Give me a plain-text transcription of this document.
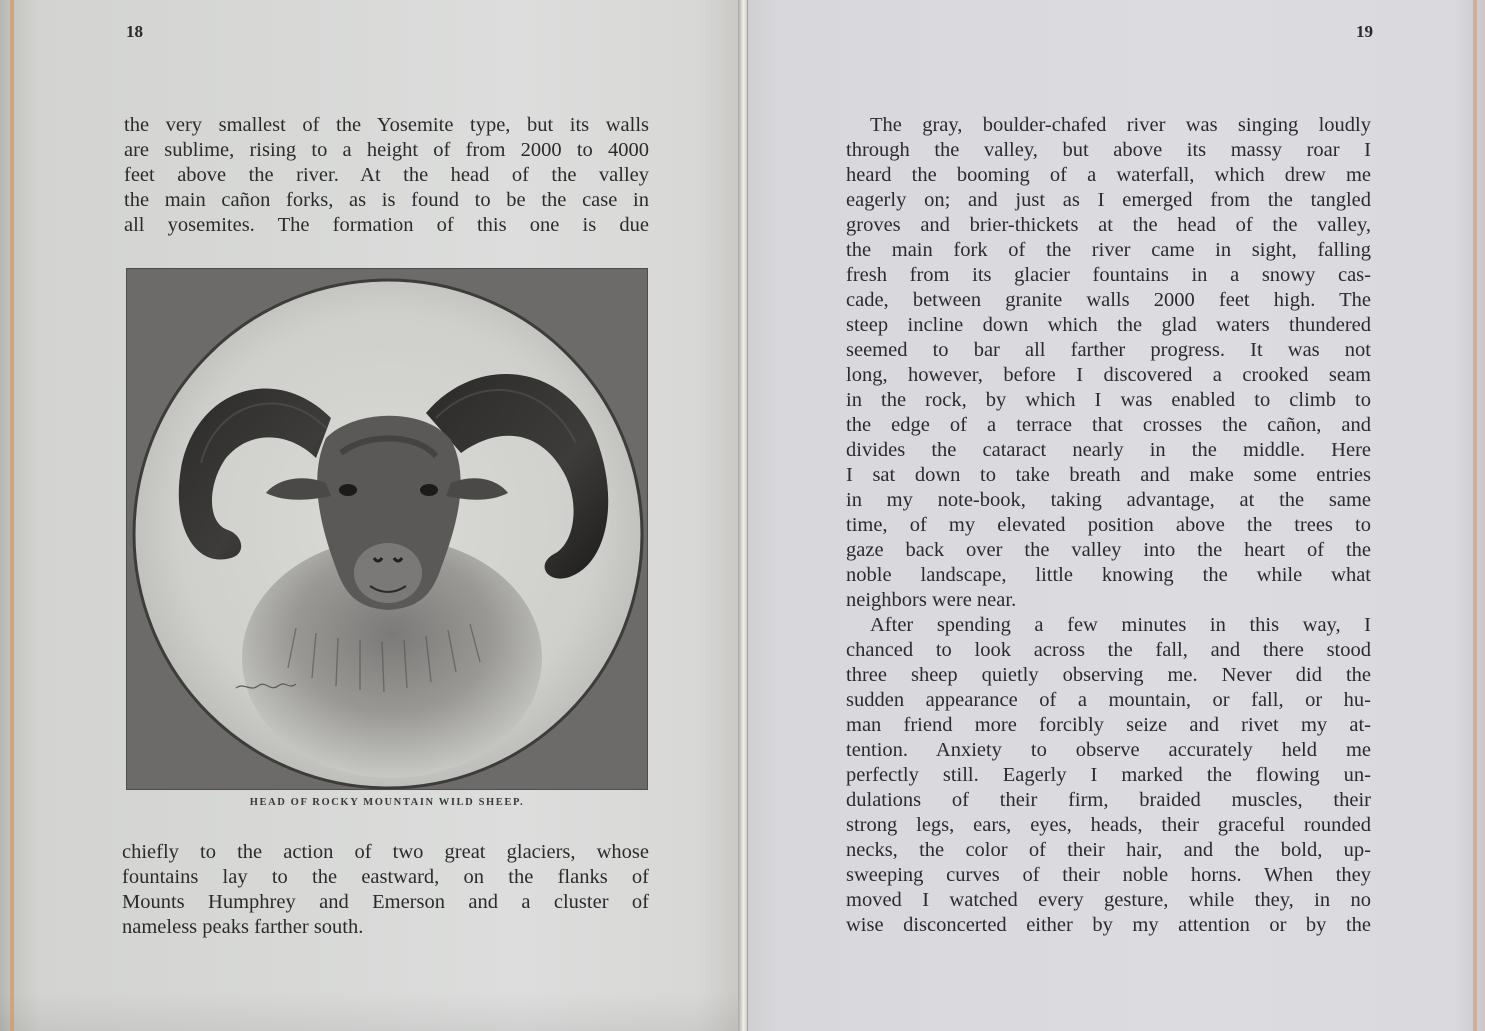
18

the very smallest of the Yosemite type, but its walls
are sublime, rising to a height of from 2000 to 4000
feet above the river. At the head of the valley
the main cañon forks, as is found to be the case in
all yosemites. The formation of this one is due

HEAD OF ROCKY MOUNTAIN WILD SHEEP.

chiefly to the action of two great glaciers, whose
fountains lay to the eastward, on the flanks of
Mounts Humphrey and Emerson and a cluster of
nameless peaks farther south.

19

The gray, boulder-chafed river was singing loudly
through the valley, but above its massy roar I
heard the booming of a waterfall, which drew me
eagerly on; and just as I emerged from the tangled
groves and brier-thickets at the head of the valley,
the main fork of the river came in sight, falling
fresh from its glacier fountains in a snowy cas-
cade, between granite walls 2000 feet high. The
steep incline down which the glad waters thundered
seemed to bar all farther progress. It was not
long, however, before I discovered a crooked seam
in the rock, by which I was enabled to climb to
the edge of a terrace that crosses the cañon, and
divides the cataract nearly in the middle. Here
I sat down to take breath and make some entries
in my note-book, taking advantage, at the same
time, of my elevated position above the trees to
gaze back over the valley into the heart of the
noble landscape, little knowing the while what
neighbors were near.
After spending a few minutes in this way, I
chanced to look across the fall, and there stood
three sheep quietly observing me. Never did the
sudden appearance of a mountain, or fall, or hu-
man friend more forcibly seize and rivet my at-
tention. Anxiety to observe accurately held me
perfectly still. Eagerly I marked the flowing un-
dulations of their firm, braided muscles, their
strong legs, ears, eyes, heads, their graceful rounded
necks, the color of their hair, and the bold, up-
sweeping curves of their noble horns. When they
moved I watched every gesture, while they, in no
wise disconcerted either by my attention or by the
